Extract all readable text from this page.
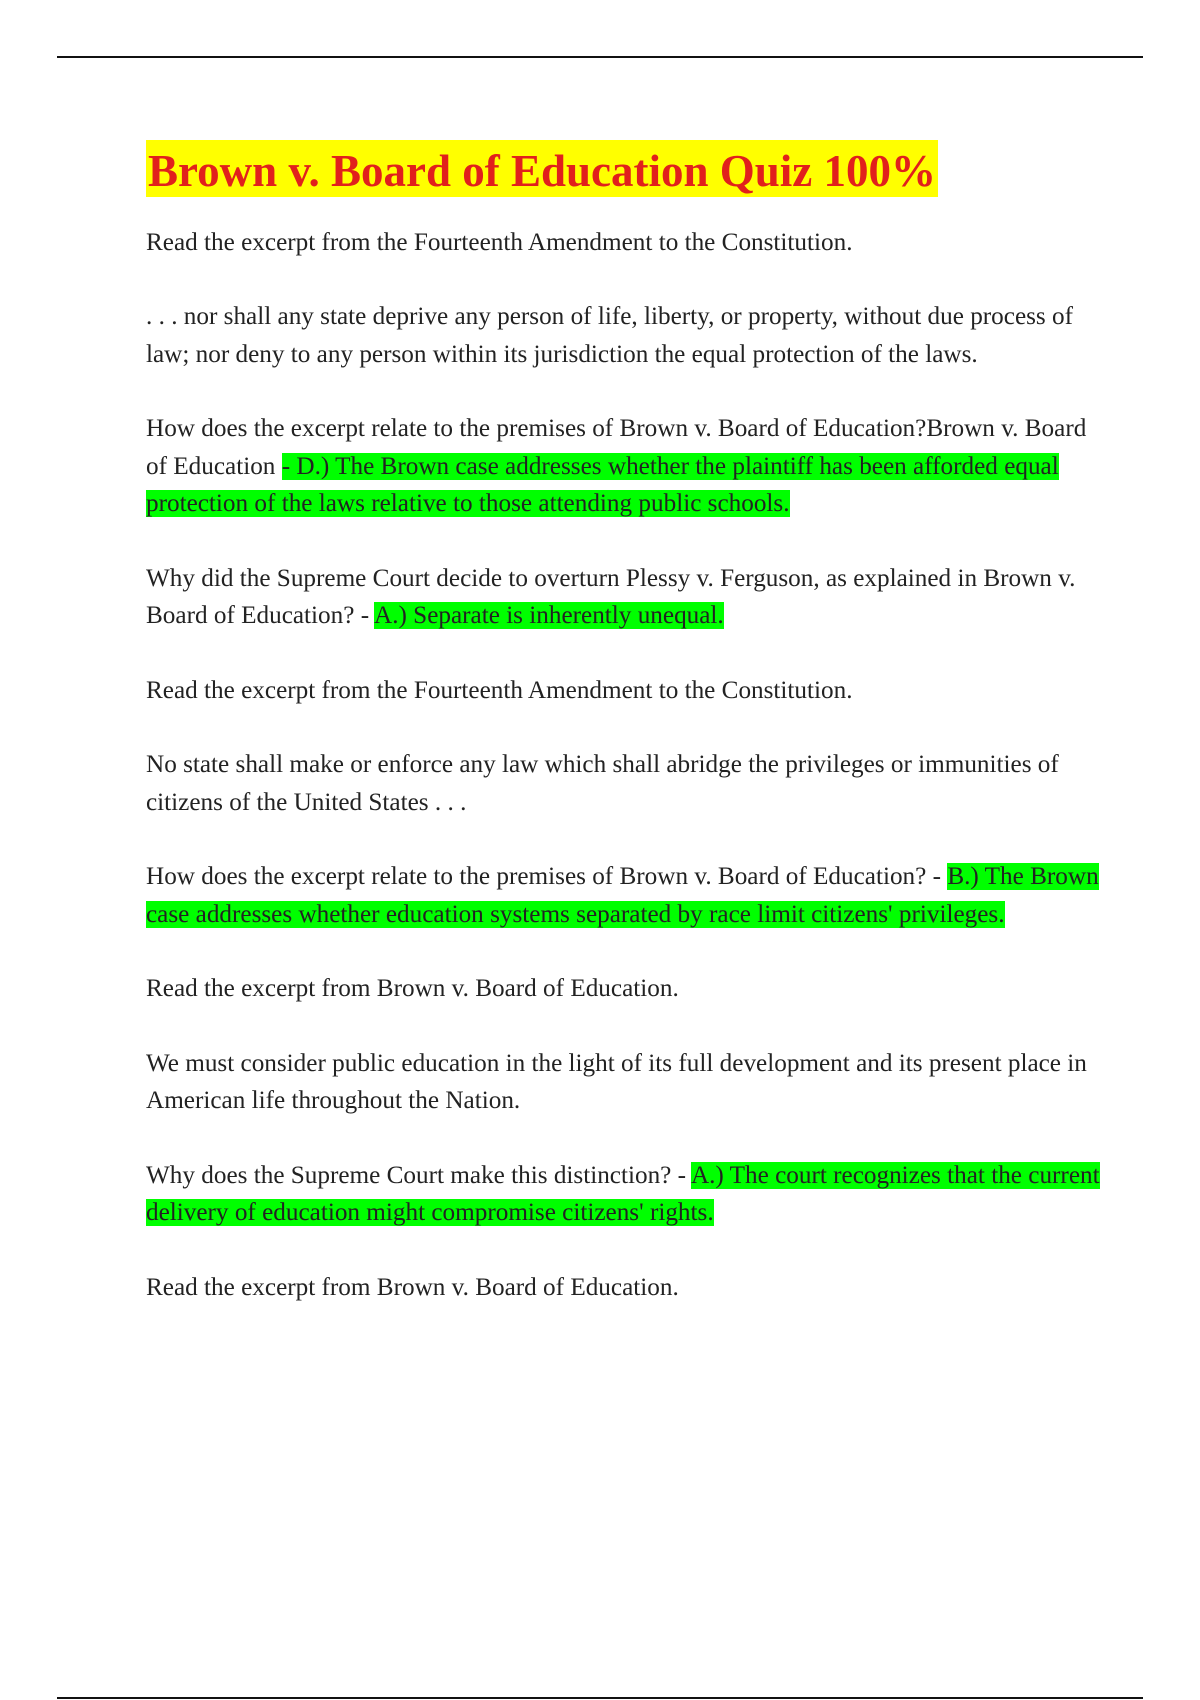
Brown v. Board of Education Quiz 100%

Read the excerpt from the Fourteenth Amendment to the Constitution.

. . . nor shall any state deprive any person of life, liberty, or property, without due process of law; nor deny to any person within its jurisdiction the equal protection of the laws.

How does the excerpt relate to the premises of Brown v. Board of Education?Brown v. Board of Education - D.) The Brown case addresses whether the plaintiff has been afforded equal protection of the laws relative to those attending public schools.

Why did the Supreme Court decide to overturn Plessy v. Ferguson, as explained in Brown v. Board of Education? - A.) Separate is inherently unequal.

Read the excerpt from the Fourteenth Amendment to the Constitution.

No state shall make or enforce any law which shall abridge the privileges or immunities of citizens of the United States . . .

How does the excerpt relate to the premises of Brown v. Board of Education? - B.) The Brown case addresses whether education systems separated by race limit citizens' privileges.

Read the excerpt from Brown v. Board of Education.

We must consider public education in the light of its full development and its present place in American life throughout the Nation.

Why does the Supreme Court make this distinction? - A.) The court recognizes that the current delivery of education might compromise citizens' rights.

Read the excerpt from Brown v. Board of Education.
